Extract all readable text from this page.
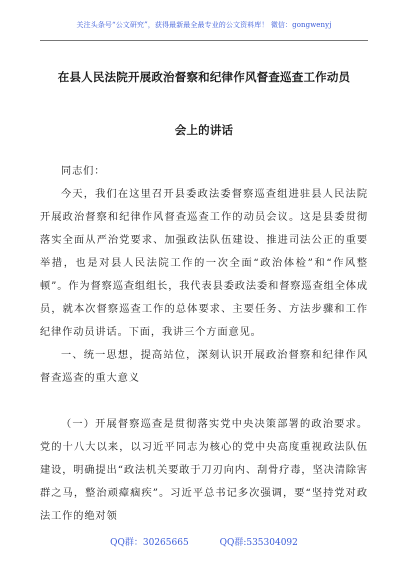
关注头条号“公文研究”，获得最新最全最专业的公文资料库！ 微信：gongwenyj
在县人民法院开展政治督察和纪律作风督查巡查工作动员
会上的讲话

同志们：

今天，我们在这里召开县委政法委督察巡查组进驻县人民法院开展政治督察和纪律作风督查巡查工作的动员会议。这是县委贯彻落实全面从严治党要求、加强政法队伍建设、推进司法公正的重要举措，也是对县人民法院工作的一次全面“政治体检”和“作风整顿”。作为督察巡查组组长，我代表县委政法委和督察巡查组全体成员，就本次督察巡查工作的总体要求、主要任务、方法步骤和工作纪律作动员讲话。下面，我讲三个方面意见。

一、统一思想，提高站位，深刻认识开展政治督察和纪律作风督查巡查的重大意义

（一）开展督察巡查是贯彻落实党中央决策部署的政治要求。党的十八大以来，以习近平同志为核心的党中央高度重视政法队伍建设，明确提出“政法机关要敢于刀刃向内、刮骨疗毒，坚决清除害群之马，整治顽瘴痼疾”。习近平总书记多次强调，要“坚持党对政法工作的绝对领

QQ群：30265665	QQ群:535304092
